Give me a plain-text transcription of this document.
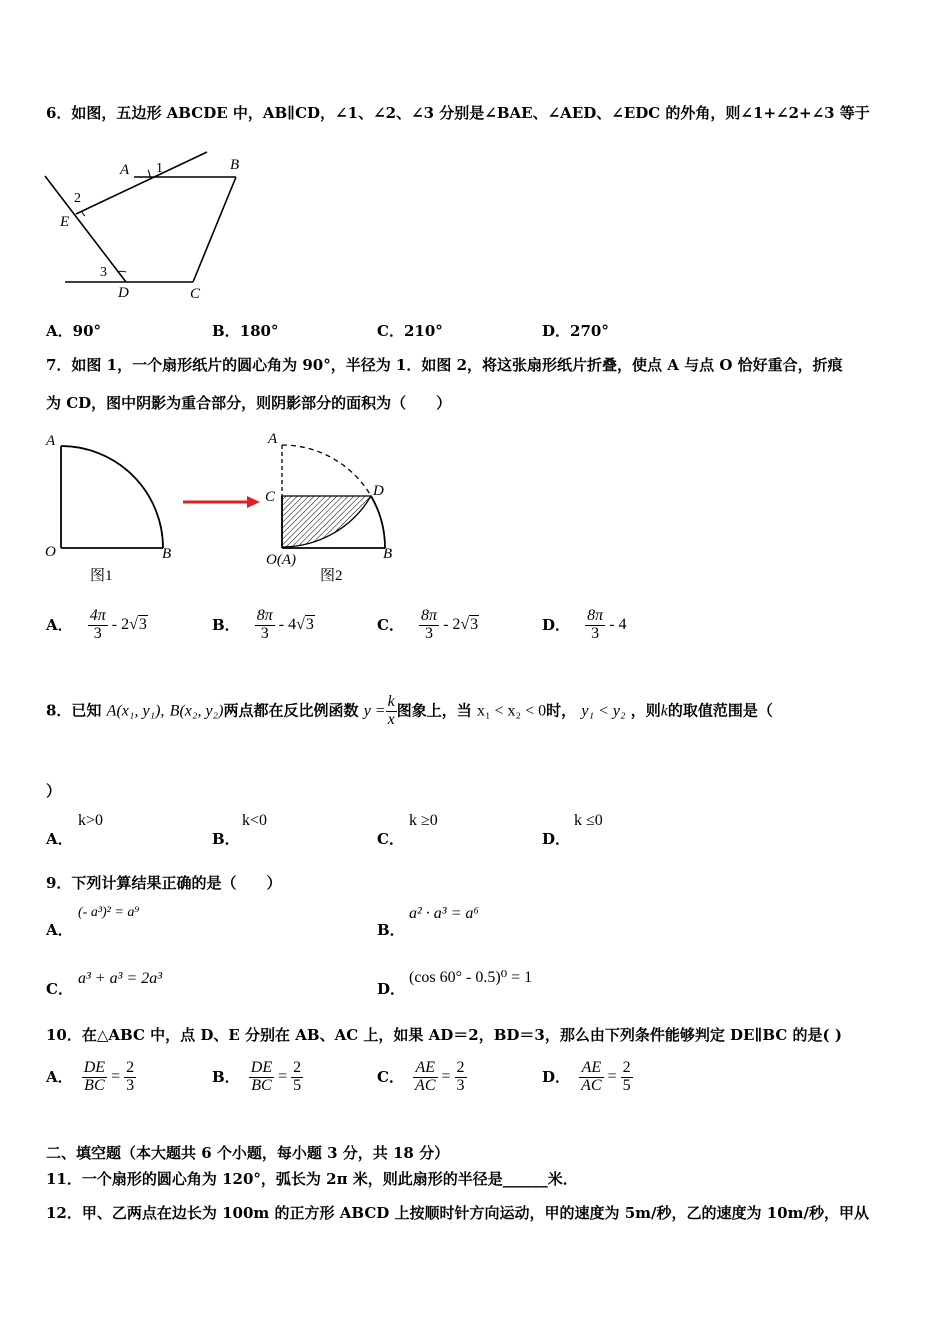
6．如图，五边形 ABCDE 中，AB∥CD，∠1、∠2、∠3 分别是∠BAE、∠AED、∠EDC 的外角，则∠1+∠2+∠3 等于
A 1	B
2
E
3
D	C
A．90°	B．180°	C．210°	D．270°
7．如图 1，一个扇形纸片的圆心角为 90°，半径为 1．如图 2，将这张扇形纸片折叠，使点 A 与点 O 恰好重合，折痕
为 CD，图中阴影为重合部分，则阴影部分的面积为（　　）
A
O	B
图1
A
C	D
O(A)	B
图2
A． $\frac{4\pi}{3} - 2√3$	B． $\frac{8\pi}{3} - 4√3$	C． $\frac{8\pi}{3} - 2√3$	D． $\frac{8\pi}{3} - 4$
8．已知 A(x₁, y₁), B(x₂, y₂)两点都在反比例函数 $y = \frac{k}{x}$ 图象上，当 x₁ < x₂ < 0时， y₁ < y₂ ，则k的取值范围是（
）
A．
k>0
B．
k<0
C．
k ≥0
D．
k ≤0
9．下列计算结果正确的是（　　）
A．
(- a³)² = a⁹
B．
a² · a³ = a⁶
C．
a³ + a³ = 2a³
D．
(cos 60° - 0.5)⁰ = 1
10．在△ABC 中，点 D、E 分别在 AB、AC 上，如果 AD＝2，BD＝3，那么由下列条件能够判定 DE∥BC 的是( )
A． $\frac{DE}{BC} = \frac{2}{3}$	B． $\frac{DE}{BC} = \frac{2}{5}$	C． $\frac{AE}{AC} = \frac{2}{3}$	D． $\frac{AE}{AC} = \frac{2}{5}$
二、填空题（本大题共 6 个小题，每小题 3 分，共 18 分）
11．一个扇形的圆心角为 120°，弧长为 2π 米，则此扇形的半径是______米．
12．甲、乙两点在边长为 100m 的正方形 ABCD 上按顺时针方向运动，甲的速度为 5m/秒，乙的速度为 10m/秒，甲从
